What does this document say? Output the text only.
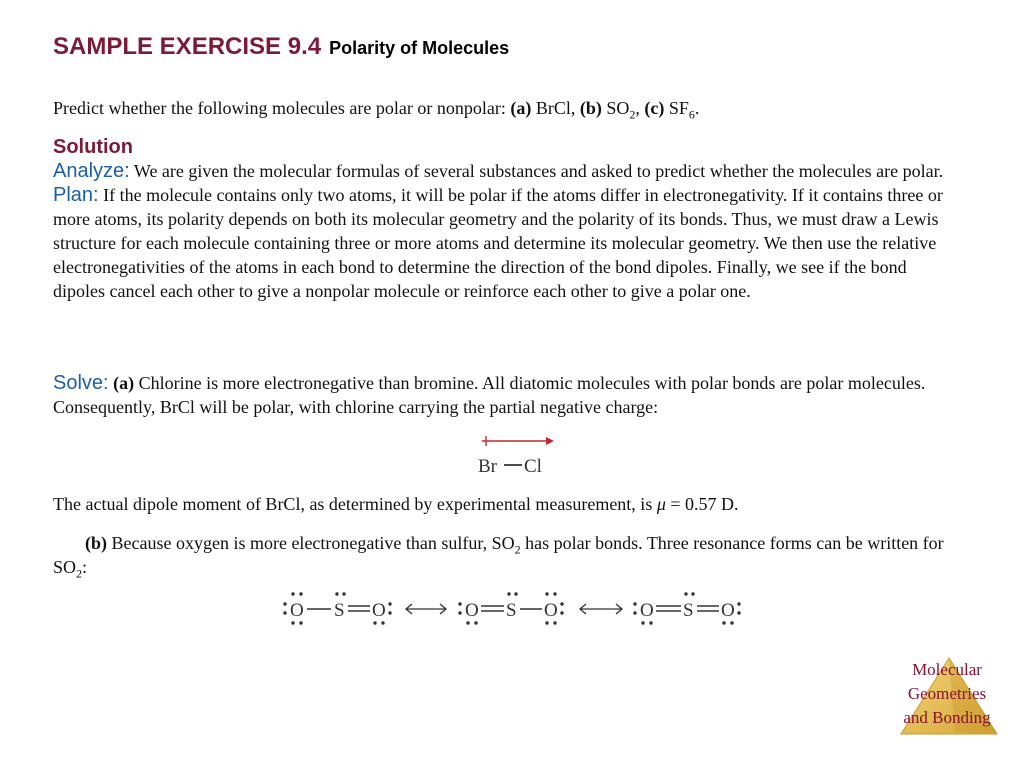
SAMPLE EXERCISE 9.4 Polarity of Molecules
Predict whether the following molecules are polar or nonpolar: (a) BrCl, (b) $SO_2$, (c) $SF_6$.
Solution
Analyze: We are given the molecular formulas of several substances and asked to predict whether the molecules are polar.
Plan: If the molecule contains only two atoms, it will be polar if the atoms differ in electronegativity. If it contains three or more atoms, its polarity depends on both its molecular geometry and the polarity of its bonds. Thus, we must draw a Lewis structure for each molecule containing three or more atoms and determine its molecular geometry. We then use the relative electronegativities of the atoms in each bond to determine the direction of the bond dipoles. Finally, we see if the bond dipoles cancel each other to give a nonpolar molecule or reinforce each other to give a polar one.
Solve: (a) Chlorine is more electronegative than bromine. All diatomic molecules with polar bonds are polar molecules. Consequently, BrCl will be polar, with chlorine carrying the partial negative charge:
Br Cl
The actual dipole moment of BrCl, as determined by experimental measurement, is μ = 0.57 D.
(b) Because oxygen is more electronegative than sulfur, $SO_2$ has polar bonds. Three resonance forms can be written for $SO_2$:
O S O	O S O	O S O
Molecular
Geometries
and Bonding
